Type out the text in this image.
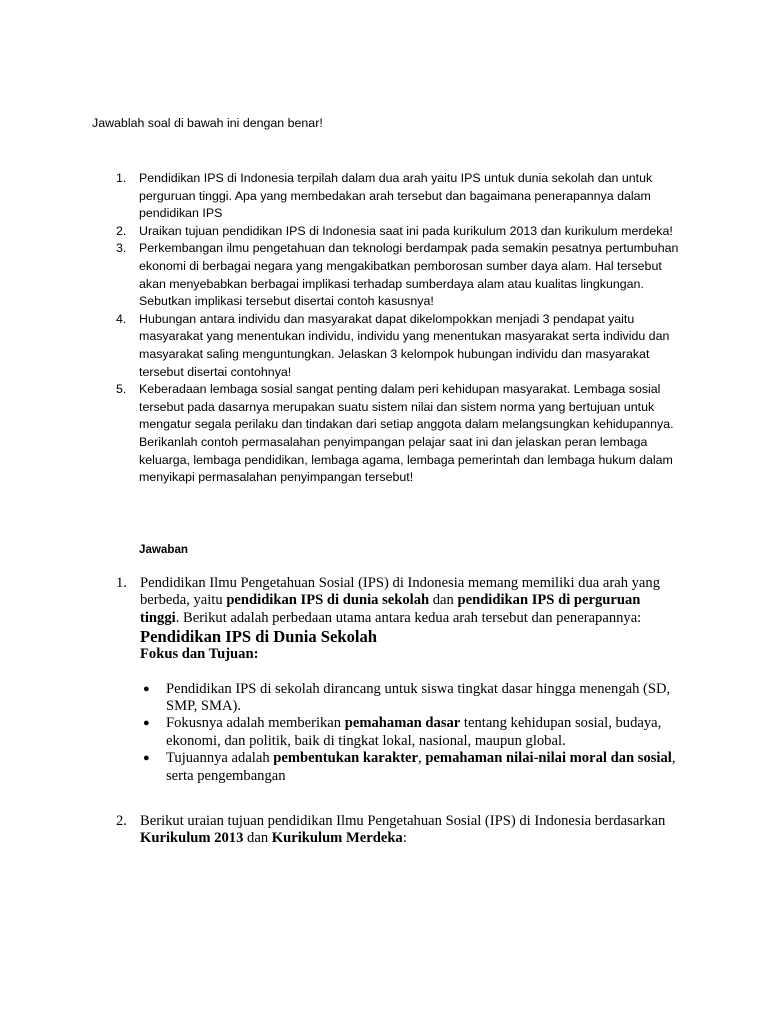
Jawablah soal di bawah ini dengan benar!

1. Pendidikan IPS di Indonesia terpilah dalam dua arah yaitu IPS untuk dunia sekolah dan untuk perguruan tinggi. Apa yang membedakan arah tersebut dan bagaimana penerapannya dalam pendidikan IPS
2. Uraikan tujuan pendidikan IPS di Indonesia saat ini pada kurikulum 2013 dan kurikulum merdeka!
3. Perkembangan ilmu pengetahuan dan teknologi berdampak pada semakin pesatnya pertumbuhan ekonomi di berbagai negara yang mengakibatkan pemborosan sumber daya alam. Hal tersebut akan menyebabkan berbagai implikasi terhadap sumberdaya alam atau kualitas lingkungan. Sebutkan implikasi tersebut disertai contoh kasusnya!
4. Hubungan antara individu dan masyarakat dapat dikelompokkan menjadi 3 pendapat yaitu masyarakat yang menentukan individu, individu yang menentukan masyarakat serta individu dan masyarakat saling menguntungkan. Jelaskan 3 kelompok hubungan individu dan masyarakat tersebut disertai contohnya!
5. Keberadaan lembaga sosial sangat penting dalam peri kehidupan masyarakat. Lembaga sosial tersebut pada dasarnya merupakan suatu sistem nilai dan sistem norma yang bertujuan untuk mengatur segala perilaku dan tindakan dari setiap anggota dalam melangsungkan kehidupannya. Berikanlah contoh permasalahan penyimpangan pelajar saat ini dan jelaskan peran lembaga keluarga, lembaga pendidikan, lembaga agama, lembaga pemerintah dan lembaga hukum dalam menyikapi permasalahan penyimpangan tersebut!

Jawaban

1. Pendidikan Ilmu Pengetahuan Sosial (IPS) di Indonesia memang memiliki dua arah yang berbeda, yaitu pendidikan IPS di dunia sekolah dan pendidikan IPS di perguruan tinggi. Berikut adalah perbedaan utama antara kedua arah tersebut dan penerapannya:

Pendidikan IPS di Dunia Sekolah

Fokus dan Tujuan:

● Pendidikan IPS di sekolah dirancang untuk siswa tingkat dasar hingga menengah (SD, SMP, SMA).
● Fokusnya adalah memberikan pemahaman dasar tentang kehidupan sosial, budaya, ekonomi, dan politik, baik di tingkat lokal, nasional, maupun global.
● Tujuannya adalah pembentukan karakter, pemahaman nilai-nilai moral dan sosial, serta pengembangan
2. Berikut uraian tujuan pendidikan Ilmu Pengetahuan Sosial (IPS) di Indonesia berdasarkan Kurikulum 2013 dan Kurikulum Merdeka:
